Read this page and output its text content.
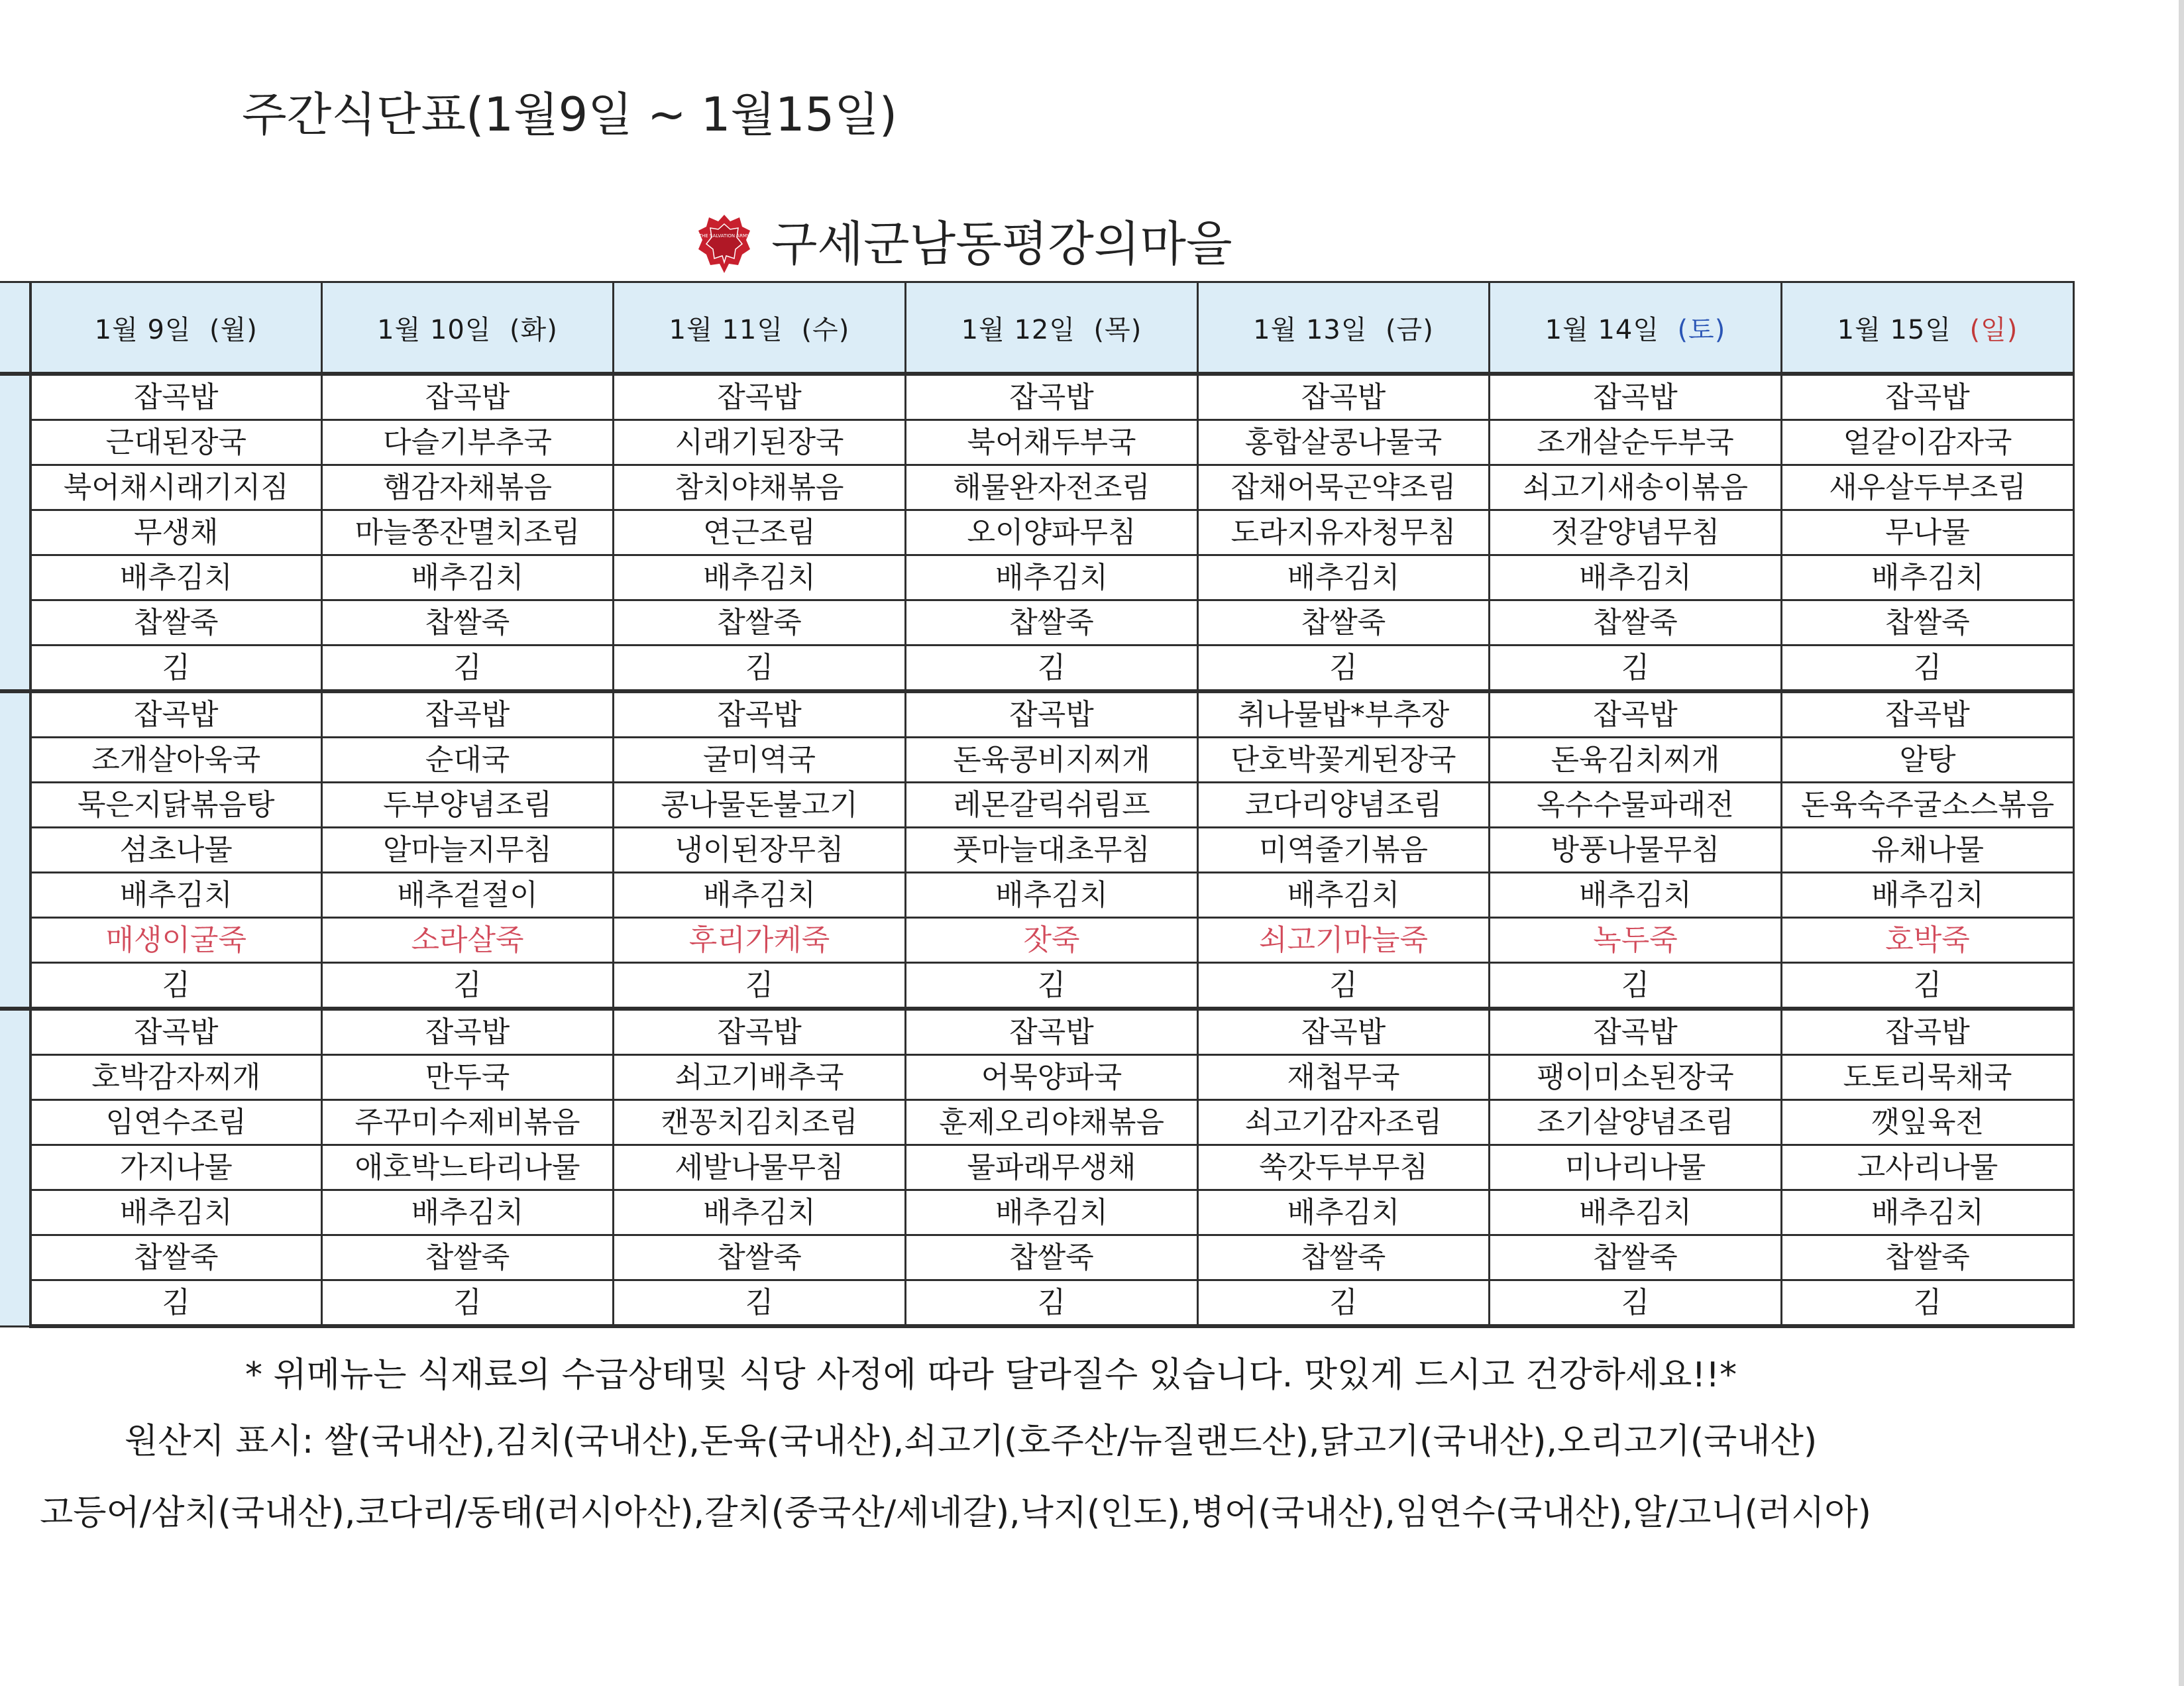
주간식단표(1월9일 ~ 1월15일)
THE SALVATION ARMY 구세군남동평강의마을
	1월 9일 (월)	1월 10일 (화)	1월 11일 (수)	1월 12일 (목)	1월 13일 (금)	1월 14일 (토)	1월 15일 (일)
	잡곡밥	잡곡밥	잡곡밥	잡곡밥	잡곡밥	잡곡밥	잡곡밥
	근대된장국	다슬기부추국	시래기된장국	북어채두부국	홍합살콩나물국	조개살순두부국	얼갈이감자국
	북어채시래기지짐	햄감자채볶음	참치야채볶음	해물완자전조림	잡채어묵곤약조림	쇠고기새송이볶음	새우살두부조림
	무생채	마늘쫑잔멸치조림	연근조림	오이양파무침	도라지유자청무침	젓갈양념무침	무나물
	배추김치	배추김치	배추김치	배추김치	배추김치	배추김치	배추김치
	찹쌀죽	찹쌀죽	찹쌀죽	찹쌀죽	찹쌀죽	찹쌀죽	찹쌀죽
	김	김	김	김	김	김	김
	잡곡밥	잡곡밥	잡곡밥	잡곡밥	취나물밥*부추장	잡곡밥	잡곡밥
	조개살아욱국	순대국	굴미역국	돈육콩비지찌개	단호박꽃게된장국	돈육김치찌개	알탕
	묵은지닭볶음탕	두부양념조림	콩나물돈불고기	레몬갈릭쉬림프	코다리양념조림	옥수수물파래전	돈육숙주굴소스볶음
	섬초나물	알마늘지무침	냉이된장무침	풋마늘대초무침	미역줄기볶음	방풍나물무침	유채나물
	배추김치	배추겉절이	배추김치	배추김치	배추김치	배추김치	배추김치
	매생이굴죽	소라살죽	후리가케죽	잣죽	쇠고기마늘죽	녹두죽	호박죽
	김	김	김	김	김	김	김
	잡곡밥	잡곡밥	잡곡밥	잡곡밥	잡곡밥	잡곡밥	잡곡밥
	호박감자찌개	만두국	쇠고기배추국	어묵양파국	재첩무국	팽이미소된장국	도토리묵채국
	임연수조림	주꾸미수제비볶음	캔꽁치김치조림	훈제오리야채볶음	쇠고기감자조림	조기살양념조림	깻잎육전
	가지나물	애호박느타리나물	세발나물무침	물파래무생채	쑥갓두부무침	미나리나물	고사리나물
	배추김치	배추김치	배추김치	배추김치	배추김치	배추김치	배추김치
	찹쌀죽	찹쌀죽	찹쌀죽	찹쌀죽	찹쌀죽	찹쌀죽	찹쌀죽
	김	김	김	김	김	김	김
* 위메뉴는 식재료의 수급상태및 식당 사정에 따라 달라질수 있습니다. 맛있게 드시고 건강하세요!!*
원산지 표시: 쌀(국내산),김치(국내산),돈육(국내산),쇠고기(호주산/뉴질랜드산),닭고기(국내산),오리고기(국내산)
고등어/삼치(국내산),코다리/동태(러시아산),갈치(중국산/세네갈),낙지(인도),병어(국내산),임연수(국내산),알/고니(러시아)
